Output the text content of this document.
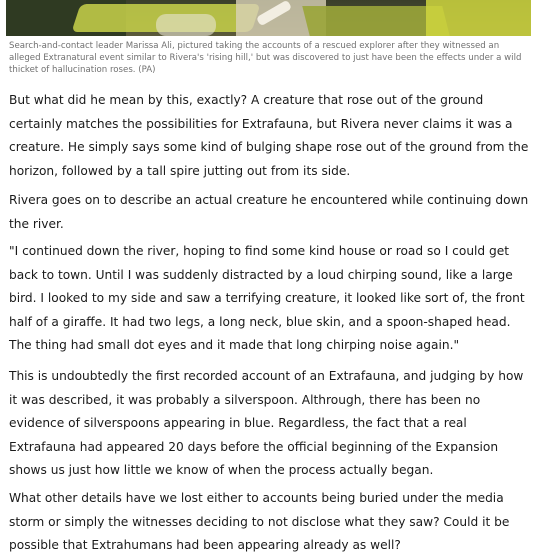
Search-and-contact leader Marissa Ali, pictured taking the accounts of a rescued explorer after they witnessed an alleged Extranatural event similar to Rivera's 'rising hill,' but was discovered to just have been the effects under a wild thicket of hallucination roses. (PA)

But what did he mean by this, exactly? A creature that rose out of the ground certainly matches the possibilities for Extrafauna, but Rivera never claims it was a creature. He simply says some kind of bulging shape rose out of the ground from the horizon, followed by a tall spire jutting out from its side.

Rivera goes on to describe an actual creature he encountered while continuing down the river.

"I continued down the river, hoping to find some kind house or road so I could get back to town. Until I was suddenly distracted by a loud chirping sound, like a large bird. I looked to my side and saw a terrifying creature, it looked like sort of, the front half of a giraffe. It had two legs, a long neck, blue skin, and a spoon-shaped head. The thing had small dot eyes and it made that long chirping noise again."

This is undoubtedly the first recorded account of an Extrafauna, and judging by how it was described, it was probably a silverspoon. Althrough, there has been no evidence of silverspoons appearing in blue. Regardless, the fact that a real Extrafauna had appeared 20 days before the official beginning of the Expansion shows us just how little we know of when the process actually began.

What other details have we lost either to accounts being buried under the media storm or simply the witnesses deciding to not disclose what they saw? Could it be possible that Extrahumans had been appearing already as well?
